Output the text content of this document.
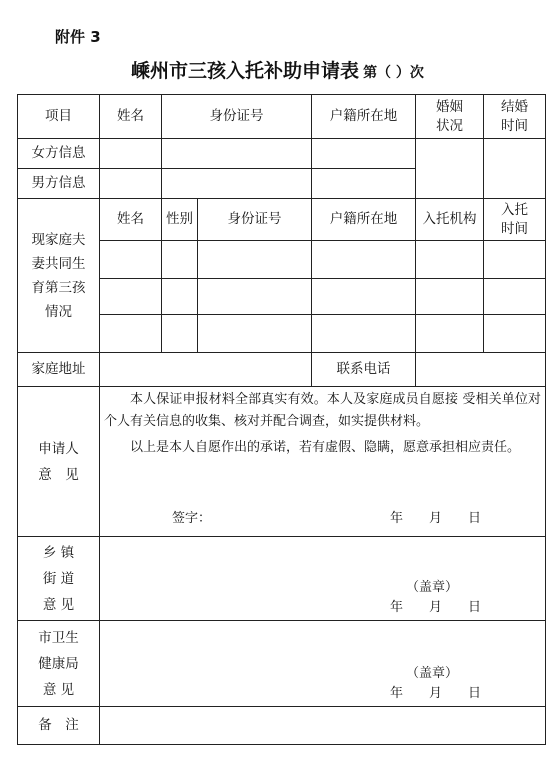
附件 3
嵊州市三孩入托补助申请表 第（ ）次
项目	姓名	身份证号		户籍所在地	婚姻状况	结婚时间
女方信息						
男方信息						

现家庭夫妻共同生育第三孩情况	姓名	性别	身份证号	户籍所在地	入托机构	入托时间

家庭地址				联系电话		

申请人意　见	本人保证申报材料全部真实有效。本人及家庭成员自愿接 受相关单位对个人有关信息的收集、核对并配合调查，如实提供材料。
以上是本人自愿作出的承诺，若有虚假、隐瞒，愿意承担相应责任。
签字： 年　　月　　日					

乡 镇街 道意 见	（盖章）
年　　月　　日					

市卫生健康局意 见	（盖章）
年　　月　　日					

备　注						
